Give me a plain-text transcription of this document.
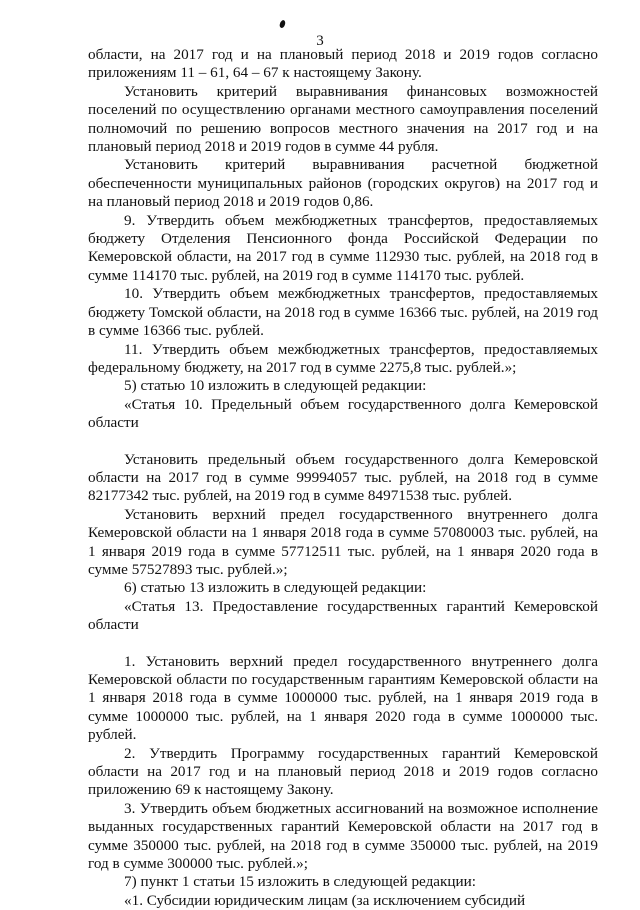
3

области, на 2017 год и на плановый период 2018 и 2019 годов согласно приложениям 11 – 61, 64 – 67 к настоящему Закону.

Установить критерий выравнивания финансовых возможностей поселений по осуществлению органами местного самоуправления поселений полномочий по решению вопросов местного значения на 2017 год и на плановый период 2018 и 2019 годов в сумме 44 рубля.

Установить критерий выравнивания расчетной бюджетной обеспеченности муниципальных районов (городских округов) на 2017 год и на плановый период 2018 и 2019 годов 0,86.

9. Утвердить объем межбюджетных трансфертов, предоставляемых бюджету Отделения Пенсионного фонда Российской Федерации по Кемеровской области, на 2017 год в сумме 112930 тыс. рублей, на 2018 год в сумме 114170 тыс. рублей, на 2019 год в сумме 114170 тыс. рублей.

10. Утвердить объем межбюджетных трансфертов, предоставляемых бюджету Томской области, на 2018 год в сумме 16366 тыс. рублей, на 2019 год в сумме 16366 тыс. рублей.

11. Утвердить объем межбюджетных трансфертов, предоставляемых федеральному бюджету, на 2017 год в сумме 2275,8 тыс. рублей.»;

5) статью 10 изложить в следующей редакции:

«Статья 10. Предельный объем государственного долга Кемеровской области

Установить предельный объем государственного долга Кемеровской области на 2017 год в сумме 99994057 тыс. рублей, на 2018 год в сумме 82177342 тыс. рублей, на 2019 год в сумме 84971538 тыс. рублей.

Установить верхний предел государственного внутреннего долга Кемеровской области на 1 января 2018 года в сумме 57080003 тыс. рублей, на 1 января 2019 года в сумме 57712511 тыс. рублей, на 1 января 2020 года в сумме 57527893 тыс. рублей.»;

6) статью 13 изложить в следующей редакции:

«Статья 13. Предоставление государственных гарантий Кемеровской области

1. Установить верхний предел государственного внутреннего долга Кемеровской области по государственным гарантиям Кемеровской области на 1 января 2018 года в сумме 1000000 тыс. рублей, на 1 января 2019 года в сумме 1000000 тыс. рублей, на 1 января 2020 года в сумме 1000000 тыс. рублей.

2. Утвердить Программу государственных гарантий Кемеровской области на 2017 год и на плановый период 2018 и 2019 годов согласно приложению 69 к настоящему Закону.

3. Утвердить объем бюджетных ассигнований на возможное исполнение выданных государственных гарантий Кемеровской области на 2017 год в сумме 350000 тыс. рублей, на 2018 год в сумме 350000 тыс. рублей, на 2019 год в сумме 300000 тыс. рублей.»;

7) пункт 1 статьи 15 изложить в следующей редакции:

«1. Субсидии юридическим лицам (за исключением субсидий
